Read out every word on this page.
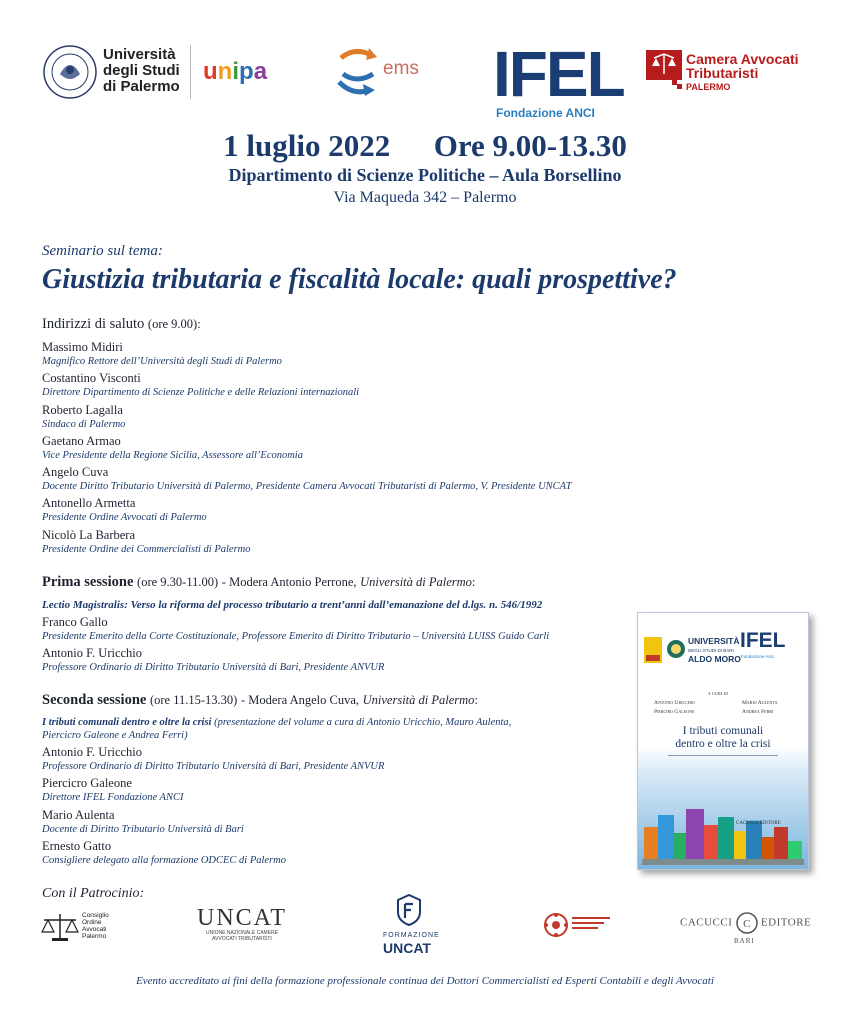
Università
degli Studi
di Palermo
unipa	ems IFEL
Fondazione ANCI
Camera Avvocati
Tributaristi
PALERMO
1 luglio 2022 Ore 9.00-13.30
Dipartimento di Scienze Politiche – Aula Borsellino
Via Maqueda 342 – Palermo
Seminario sul tema:
Giustizia tributaria e fiscalità locale: quali prospettive?
Indirizzi di saluto (ore 9.00):
Massimo Midiri
Magnifico Rettore dell’Università degli Studi di Palermo
Costantino Visconti
Direttore Dipartimento di Scienze Politiche e delle Relazioni internazionali
Roberto Lagalla
Sindaco di Palermo
Gaetano Armao
Vice Presidente della Regione Sicilia, Assessore all’Economia
Angelo Cuva
Docente Diritto Tributario Università di Palermo, Presidente Camera Avvocati Tributaristi di Palermo, V. Presidente UNCAT
Antonello Armetta
Presidente Ordine Avvocati di Palermo
Nicolò La Barbera
Presidente Ordine dei Commercialisti di Palermo
Prima sessione (ore 9.30-11.00) - Modera Antonio Perrone, Università di Palermo:
Lectio Magistralis: Verso la riforma del processo tributario a trent’anni dall’emanazione del d.lgs. n. 546/1992
Franco Gallo
Presidente Emerito della Corte Costituzionale, Professore Emerito di Diritto Tributario – Università LUISS Guido Carli
Antonio F. Uricchio
Professore Ordinario di Diritto Tributario Università di Bari, Presidente ANVUR
Seconda sessione (ore 11.15-13.30) - Modera Angelo Cuva, Università di Palermo:
I tributi comunali dentro e oltre la crisi (presentazione del volume a cura di Antonio Uricchio, Mauro Aulenta,
Piercicro Galeone e Andrea Ferri)
Antonio F. Uricchio
Professore Ordinario di Diritto Tributario Università di Bari, Presidente ANVUR
Piercicro Galeone
Direttore IFEL Fondazione ANCI
Mario Aulenta
Docente di Diritto Tributario Università di Bari
Ernesto Gatto
Consigliere delegato alla formazione ODCEC di Palermo
UNIVERSITÀ
DEGLI STUDI DI BARI
ALDO MORO
IFEL
Fondazione Anci
a cura di
Antonio Uricchio
Pierciro Galeone
Mario Aulenta
Andrea Ferri
I tributi comunali
dentro e oltre la crisi
CACUCCI EDITORE
Con il Patrocinio:
Consiglio
Ordine
Avvocati
Palermo
UNCAT
UNIONE NAZIONALE CAMERE
AVVOCATI TRIBUTARISTI	FORMAZIONE
UNCAT
CACUCCI C EDITORE
BARI
Evento accreditato ai fini della formazione professionale continua dei Dottori Commercialisti ed Esperti Contabili e degli Avvocati
